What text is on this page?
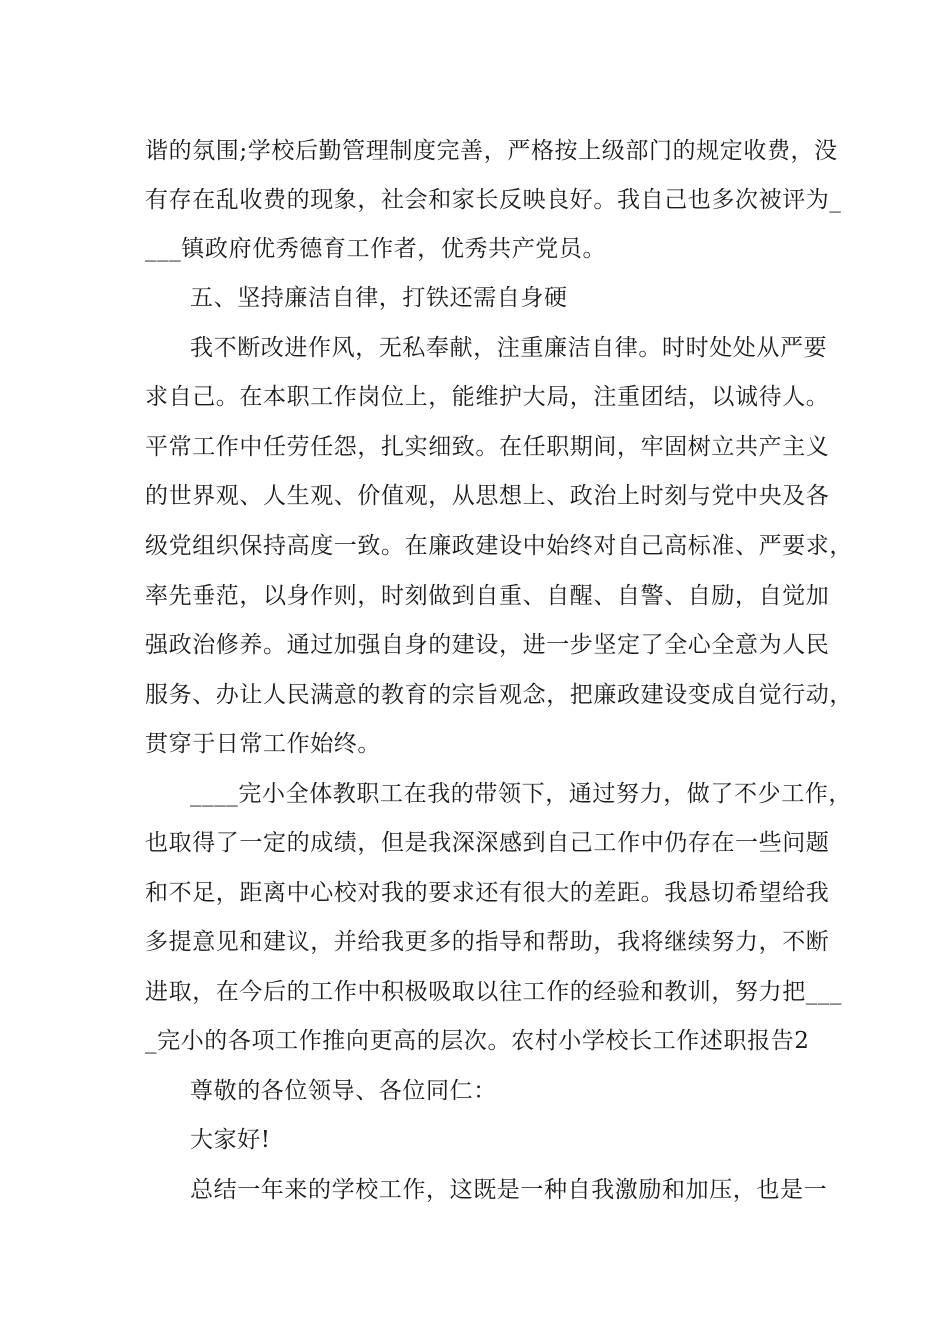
谐的氛围;学校后勤管理制度完善，严格按上级部门的规定收费，没
有存在乱收费的现象，社会和家长反映良好。我自己也多次被评为_
___镇政府优秀德育工作者，优秀共产党员。
五、坚持廉洁自律，打铁还需自身硬
我不断改进作风，无私奉献，注重廉洁自律。时时处处从严要
求自己。在本职工作岗位上，能维护大局，注重团结，以诚待人。
平常工作中任劳任怨，扎实细致。在任职期间，牢固树立共产主义
的世界观、人生观、价值观，从思想上、政治上时刻与党中央及各
级党组织保持高度一致。在廉政建设中始终对自己高标准、严要求，
率先垂范，以身作则，时刻做到自重、自醒、自警、自励，自觉加
强政治修养。通过加强自身的建设，进一步坚定了全心全意为人民
服务、办让人民满意的教育的宗旨观念，把廉政建设变成自觉行动，
贯穿于日常工作始终。
____完小全体教职工在我的带领下，通过努力，做了不少工作，
也取得了一定的成绩，但是我深深感到自己工作中仍存在一些问题
和不足，距离中心校对我的要求还有很大的差距。我恳切希望给我
多提意见和建议，并给我更多的指导和帮助，我将继续努力，不断
进取，在今后的工作中积极吸取以往工作的经验和教训，努力把___
_完小的各项工作推向更高的层次。农村小学校长工作述职报告2
尊敬的各位领导、各位同仁：
大家好!
总结一年来的学校工作，这既是一种自我激励和加压，也是一
